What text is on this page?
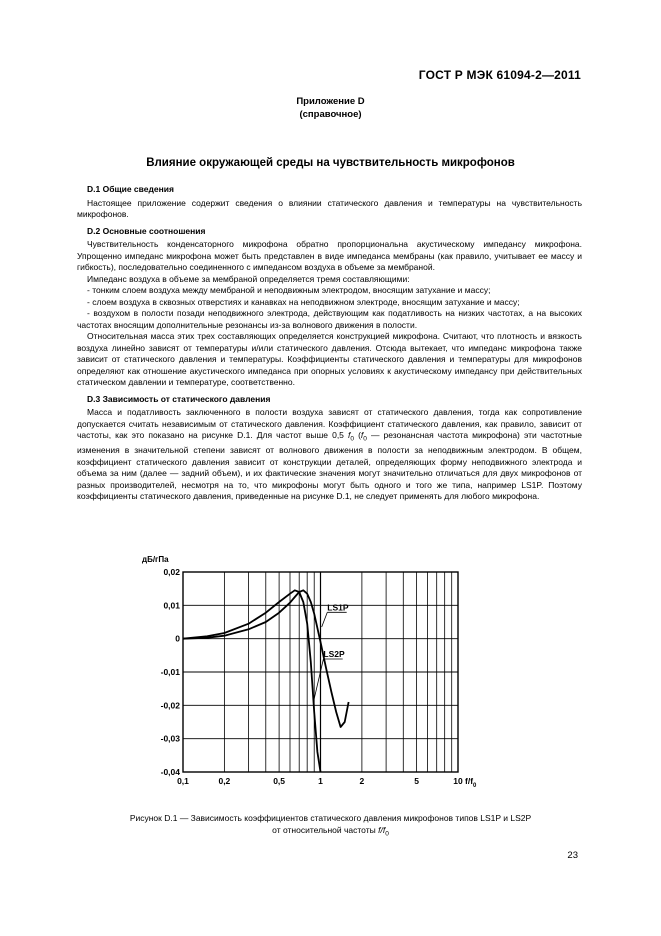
ГОСТ Р МЭК 61094-2—2011
Приложение D
(справочное)
Влияние окружающей среды на чувствительность микрофонов
D.1 Общие сведения

Настоящее приложение содержит сведения о влиянии статического давления и температуры на чувствительность микрофонов.

D.2 Основные соотношения

Чувствительность конденсаторного микрофона обратно пропорциональна акустическому импедансу микрофона. Упрощенно импеданс микрофона может быть представлен в виде импеданса мембраны (как правило, учитывает ее массу и гибкость), последовательно соединенного с импедансом воздуха в объеме за мембраной.

Импеданс воздуха в объеме за мембраной определяется тремя составляющими:

- тонким слоем воздуха между мембраной и неподвижным электродом, вносящим затухание и массу;

- слоем воздуха в сквозных отверстиях и канавках на неподвижном электроде, вносящим затухание и массу;

- воздухом в полости позади неподвижного электрода, действующим как податливость на низких частотах, а на высоких частотах вносящим дополнительные резонансы из-за волнового движения в полости.

Относительная масса этих трех составляющих определяется конструкцией микрофона. Считают, что плотность и вязкость воздуха линейно зависят от температуры и/или статического давления. Отсюда вытекает, что импеданс микрофона также зависит от статического давления и температуры. Коэффициенты статического давления и температуры для микрофонов определяют как отношение акустического импеданса при опорных условиях к акустическому импедансу при действительных статическом давлении и температуре, соответственно.

D.3 Зависимость от статического давления

Масса и податливость заключенного в полости воздуха зависят от статического давления, тогда как сопротивление допускается считать независимым от статического давления. Коэффициент статического давления, как правило, зависит от частоты, как это показано на рисунке D.1. Для частот выше 0,5 $f_0$ ($f_0$ — резонансная частота микрофона) эти частотные изменения в значительной степени зависят от волнового движения в полости за неподвижным электродом. В общем, коэффициент статического давления зависит от конструкции деталей, определяющих форму неподвижного электрода и объема за ним (далее — задний объем), и их фактические значения могут значительно отличаться для двух микрофонов от разных производителей, несмотря на то, что микрофоны могут быть одного и того же типа, например LS1P. Поэтому коэффициенты статического давления, приведенные на рисунке D.1, не следует применять для любого микрофона.

0,02
0,01
0
-0,01
-0,02
-0,03
-0,04
0,1	0,2	0,5	1	2	5	10
дБ/гПа
$f/f_0$
LS1P
LS2P
Рисунок D.1 — Зависимость коэффициентов статического давления микрофонов типов LS1P и LS2P
от относительной частоты $f/f_0$
23
